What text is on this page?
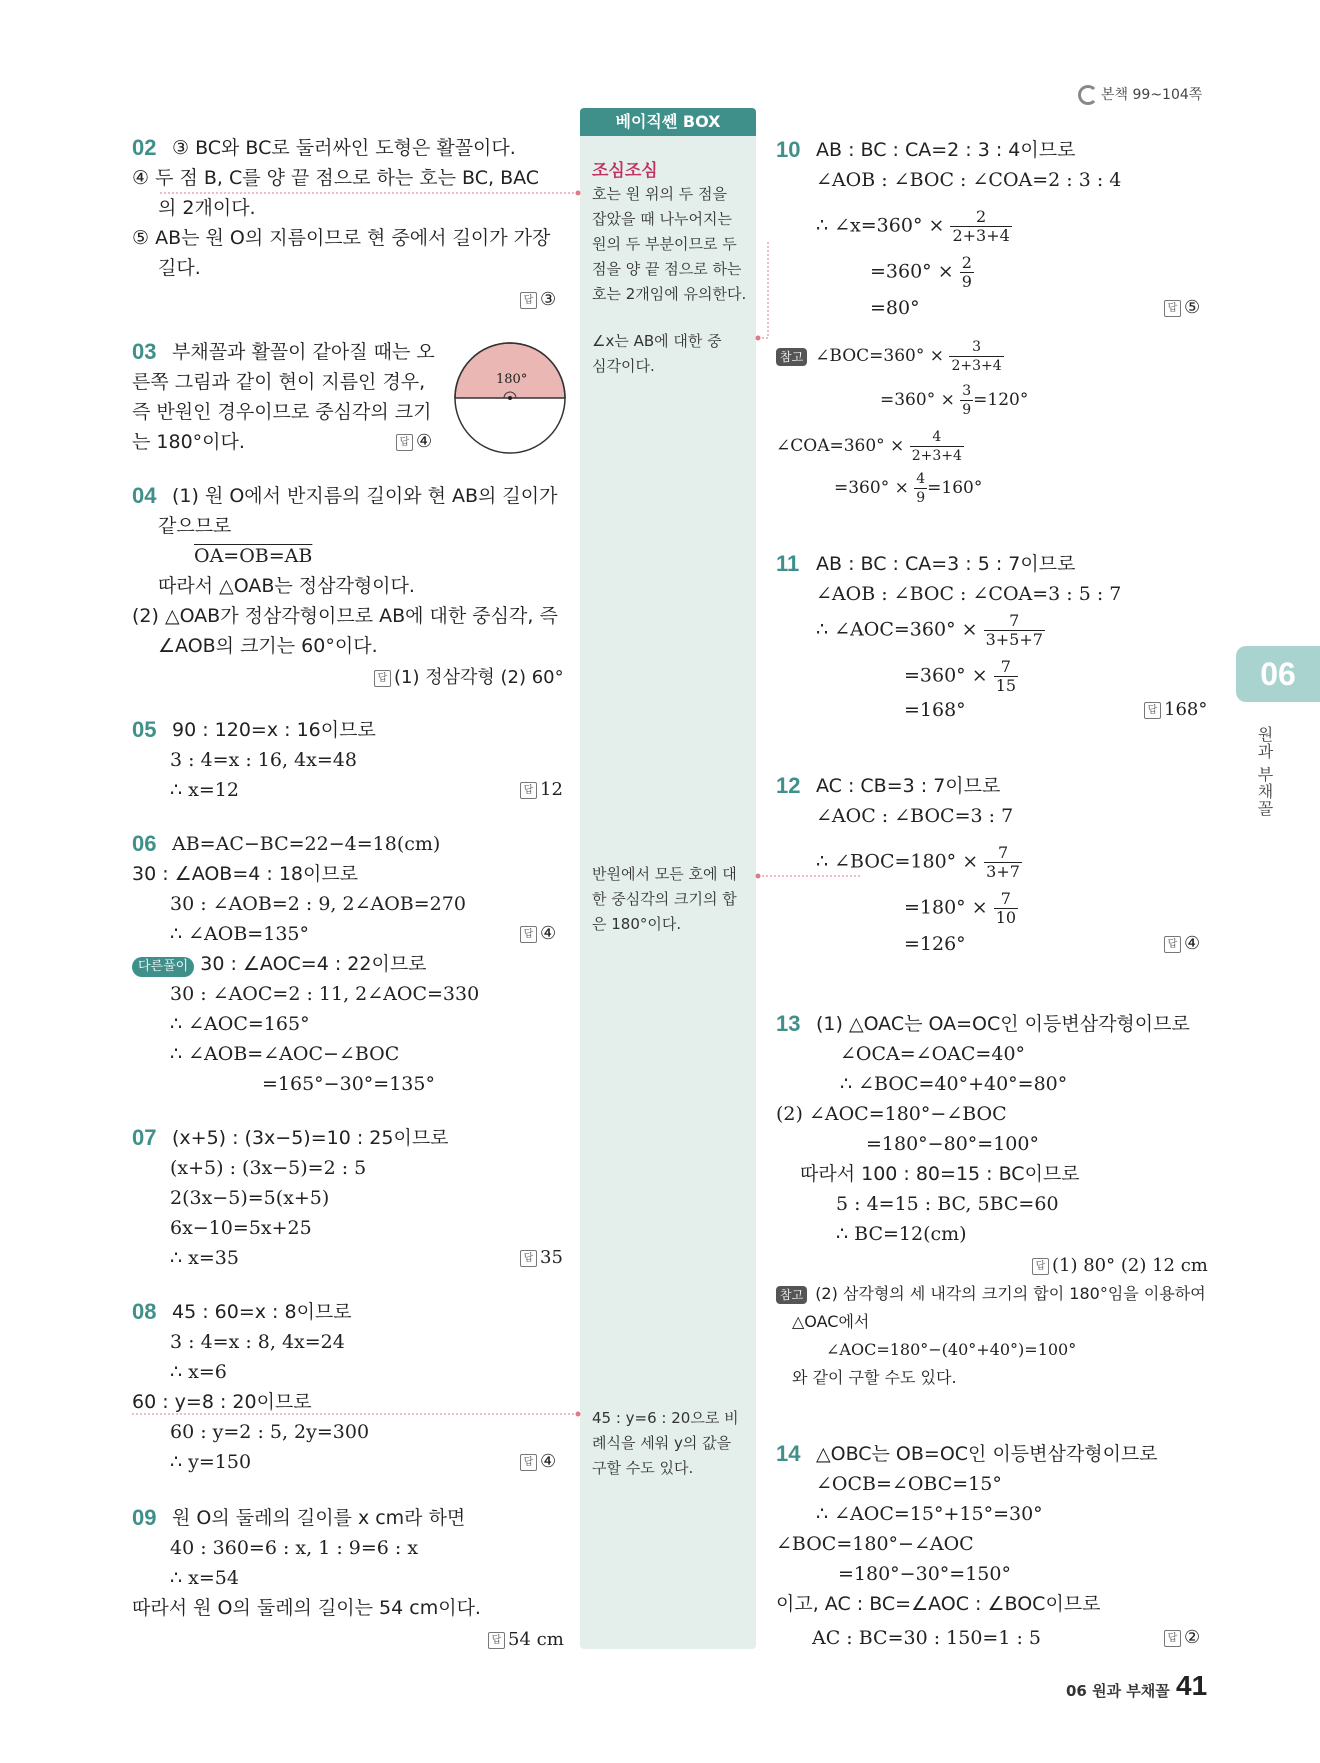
본책 99~104쪽
베이직쎈 BOX
조심조심
호는 원 위의 두 점을
잡았을 때 나누어지는
원의 두 부분이므로 두
점을 양 끝 점으로 하는
호는 2개임에 유의한다.
∠x는 AB에 대한 중
심각이다.
반원에서 모든 호에 대
한 중심각의 크기의 합
은 180°이다.
45 : y=6 : 20으로 비
례식을 세워 y의 값을
구할 수도 있다.
02 ③ BC와 BC로 둘러싸인 도형은 활꼴이다.
④ 두 점 B, C를 양 끝 점으로 하는 호는 BC, BAC
의 2개이다.
⑤ AB는 원 O의 지름이므로 현 중에서 길이가 가장
길다.
답 ③
03 부채꼴과 활꼴이 같아질 때는 오
른쪽 그림과 같이 현이 지름인 경우,
즉 반원인 경우이므로 중심각의 크기
는 180°이다.	답 ④
180°
04 (1) 원 O에서 반지름의 길이와 현 AB의 길이가
같으므로
OA=OB=AB
따라서 △OAB는 정삼각형이다.
(2) △OAB가 정삼각형이므로 AB에 대한 중심각, 즉
∠AOB의 크기는 60°이다.
답 (1) 정삼각형 (2) 60°
05 90 : 120=x : 16이므로
3 : 4=x : 16, 4x=48
∴ x=12	답 12
06 AB=AC−BC=22−4=18(cm)
30 : ∠AOB=4 : 18이므로
30 : ∠AOB=2 : 9, 2∠AOB=270
∴ ∠AOB=135°	답 ④
다른풀이 30 : ∠AOC=4 : 22이므로
30 : ∠AOC=2 : 11, 2∠AOC=330
∴ ∠AOC=165°
∴ ∠AOB=∠AOC−∠BOC
=165°−30°=135°
07 (x+5) : (3x−5)=10 : 25이므로
(x+5) : (3x−5)=2 : 5
2(3x−5)=5(x+5)
6x−10=5x+25
∴ x=35	답 35
08 45 : 60=x : 8이므로
3 : 4=x : 8, 4x=24
∴ x=6
60 : y=8 : 20이므로
60 : y=2 : 5, 2y=300
∴ y=150	답 ④
09 원 O의 둘레의 길이를 x cm라 하면
40 : 360=6 : x, 1 : 9=6 : x
∴ x=54
따라서 원 O의 둘레의 길이는 54 cm이다.
답 54 cm
10 AB : BC : CA=2 : 3 : 4이므로
∠AOB : ∠BOC : ∠COA=2 : 3 : 4
∴ ∠x=360° × $\frac{2}{2+3+4}$
$=360^\circ \times \frac{2}{9}$
=80°	답 ⑤
참고 ∠BOC=360° × $\frac{3}{2+3+4}$
$=360^\circ \times \frac{3}{9} =120^\circ$
∠COA=360° × $\frac{4}{2+3+4}$
$=360^\circ \times \frac{4}{9} =160^\circ$
11 AB : BC : CA=3 : 5 : 7이므로
∠AOB : ∠BOC : ∠COA=3 : 5 : 7
∴ ∠AOC=360° × $\frac{7}{3+5+7}$
$=360^\circ \times \frac{7}{15}$
=168°	답 168°
12 AC : CB=3 : 7이므로
∠AOC : ∠BOC=3 : 7
∴ ∠BOC=180° × $\frac{7}{3+7}$
$=180^\circ \times \frac{7}{10}$
=126°	답 ④
13 (1) △OAC는 OA=OC인 이등변삼각형이므로
∠OCA=∠OAC=40°
∴ ∠BOC=40°+40°=80°
(2) ∠AOC=180°−∠BOC
=180°−80°=100°
따라서 100 : 80=15 : BC이므로
5 : 4=15 : BC, 5BC=60
∴ BC=12(cm)
답 (1) 80° (2) 12 cm
참고 (2) 삼각형의 세 내각의 크기의 합이 180°임을 이용하여
△OAC에서
∠AOC=180°−(40°+40°)=100°
와 같이 구할 수도 있다.
14 △OBC는 OB=OC인 이등변삼각형이므로
∠OCB=∠OBC=15°
∴ ∠AOC=15°+15°=30°
∠BOC=180°−∠AOC
=180°−30°=150°
이고, AC : BC=∠AOC : ∠BOC이므로
AC : BC=30 : 150=1 : 5	답 ②
06
원과 부채꼴
06 원과 부채꼴 41
